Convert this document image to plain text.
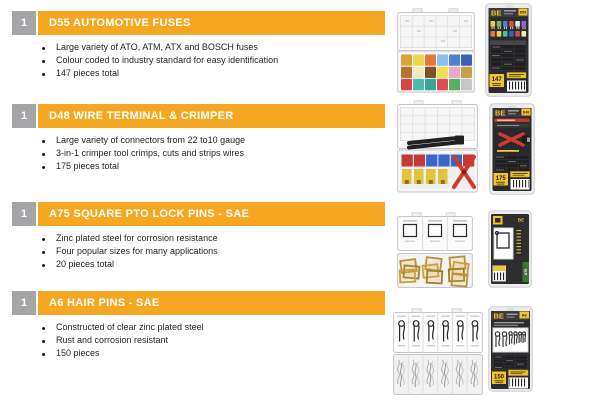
1	D55 AUTOMOTIVE FUSES
Large variety of ATO, ATM, ATX and BOSCH fuses
Colour coded to industry standard for easy identification
147 pieces total
BE	D55
147
1	D48 WIRE TERMINAL & CRIMPER
Large variety of connectors from 22 to10 gauge
3-in-1 crimper tool crimps, cuts and strips wires
175 pieces total
BE	D48
175
1	A75 SQUARE PTO LOCK PINS - SAE
Zinc plated steel for corrosion resistance
Four popular sizes for many applications
20 pieces total
BE
A75
1	A6 HAIR PINS - SAE
Constructed of clear zinc plated steel
Rust and corrosion resistant
150 pieces
BE	A6
150
